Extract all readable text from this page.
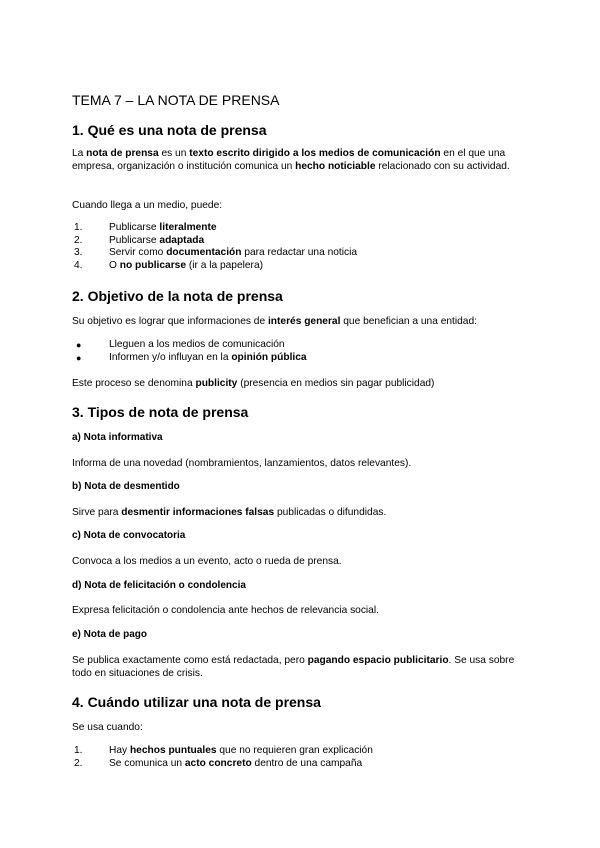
TEMA 7 – LA NOTA DE PRENSA
1. Qué es una nota de prensa
La nota de prensa es un texto escrito dirigido a los medios de comunicación en el que una empresa, organización o institución comunica un hecho noticiable relacionado con su actividad.
Cuando llega a un medio, puede:
1.	Publicarse literalmente
2.	Publicarse adaptada
3.	Servir como documentación para redactar una noticia
4.	O no publicarse (ir a la papelera)
2. Objetivo de la nota de prensa
Su objetivo es lograr que informaciones de interés general que benefician a una entidad:
●	Lleguen a los medios de comunicación
●	Informen y/o influyan en la opinión pública
Este proceso se denomina publicity (presencia en medios sin pagar publicidad)
3. Tipos de nota de prensa
a) Nota informativa
Informa de una novedad (nombramientos, lanzamientos, datos relevantes).
b) Nota de desmentido
Sirve para desmentir informaciones falsas publicadas o difundidas.
c) Nota de convocatoria
Convoca a los medios a un evento, acto o rueda de prensa.
d) Nota de felicitación o condolencia
Expresa felicitación o condolencia ante hechos de relevancia social.
e) Nota de pago
Se publica exactamente como está redactada, pero pagando espacio publicitario. Se usa sobre todo en situaciones de crisis.
4. Cuándo utilizar una nota de prensa
Se usa cuando:
1.	Hay hechos puntuales que no requieren gran explicación
2.	Se comunica un acto concreto dentro de una campaña
